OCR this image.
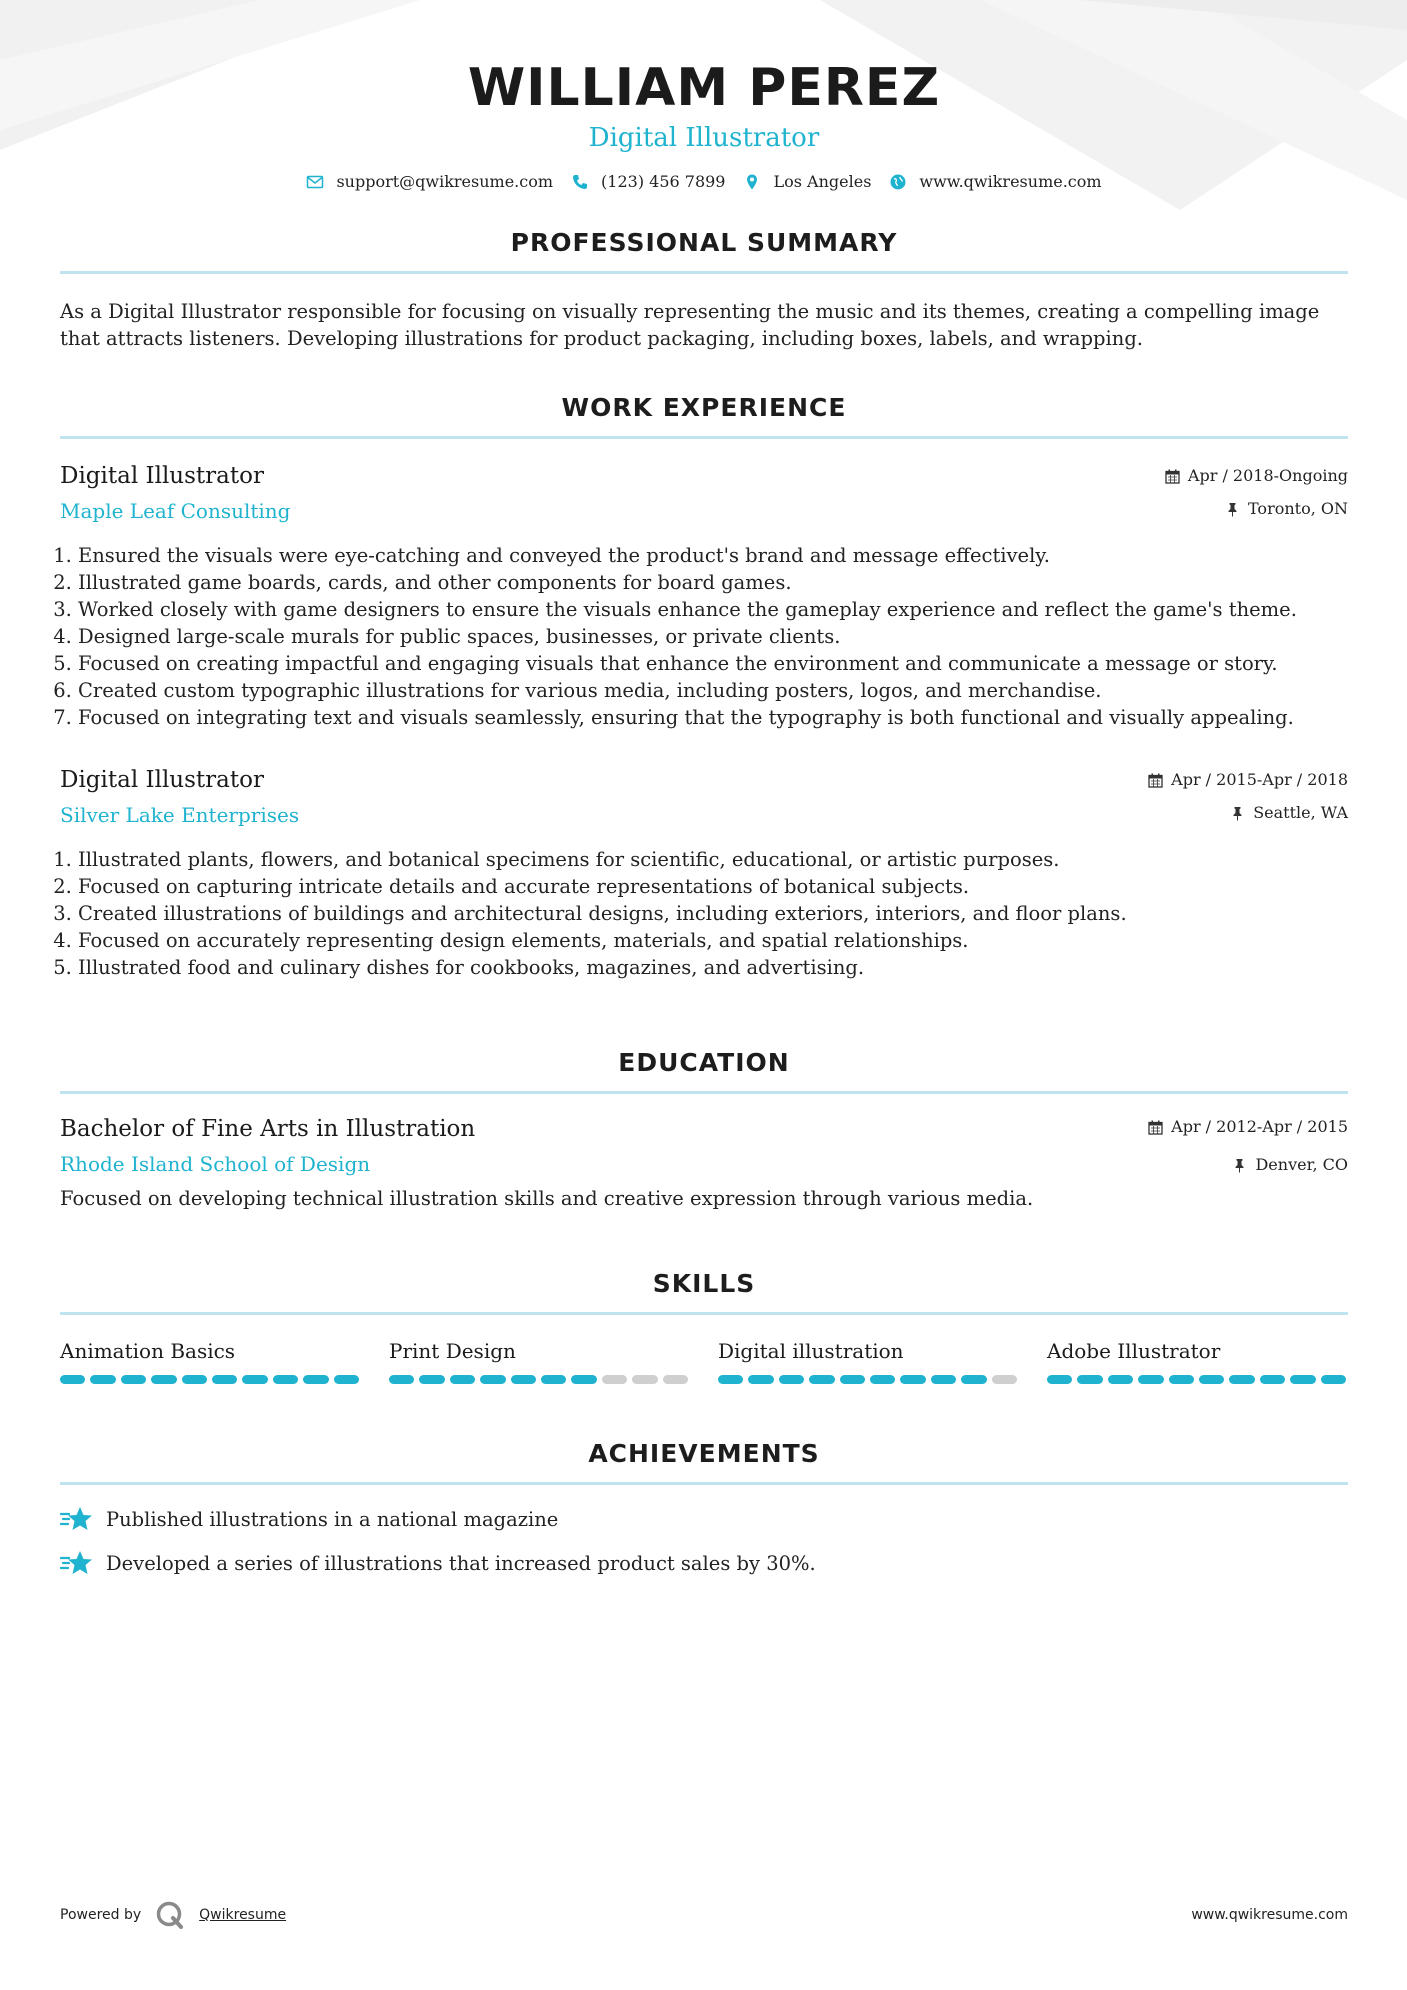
WILLIAM PEREZ
Digital Illustrator
support@qwikresume.com	(123) 456 7899	Los Angeles	www.qwikresume.com
PROFESSIONAL SUMMARY
As a Digital Illustrator responsible for focusing on visually representing the music and its themes, creating a compelling image that attracts listeners. Developing illustrations for product packaging, including boxes, labels, and wrapping.
WORK EXPERIENCE
Digital Illustrator
Maple Leaf Consulting
Apr / 2018-Ongoing
Toronto, ON
1. Ensured the visuals were eye-catching and conveyed the product's brand and message effectively.
2. Illustrated game boards, cards, and other components for board games.
3. Worked closely with game designers to ensure the visuals enhance the gameplay experience and reflect the game's theme.
4. Designed large-scale murals for public spaces, businesses, or private clients.
5. Focused on creating impactful and engaging visuals that enhance the environment and communicate a message or story.
6. Created custom typographic illustrations for various media, including posters, logos, and merchandise.
7. Focused on integrating text and visuals seamlessly, ensuring that the typography is both functional and visually appealing.
Digital Illustrator
Silver Lake Enterprises
Apr / 2015-Apr / 2018
Seattle, WA
1. Illustrated plants, flowers, and botanical specimens for scientific, educational, or artistic purposes.
2. Focused on capturing intricate details and accurate representations of botanical subjects.
3. Created illustrations of buildings and architectural designs, including exteriors, interiors, and floor plans.
4. Focused on accurately representing design elements, materials, and spatial relationships.
5. Illustrated food and culinary dishes for cookbooks, magazines, and advertising.
EDUCATION
Bachelor of Fine Arts in Illustration
Rhode Island School of Design
Apr / 2012-Apr / 2015
Denver, CO
Focused on developing technical illustration skills and creative expression through various media.
SKILLS
Animation Basics	Print Design	Digital illustration	Adobe Illustrator
ACHIEVEMENTS
Published illustrations in a national magazine
Developed a series of illustrations that increased product sales by 30%.
Powered by	Qwikresume	www.qwikresume.com
